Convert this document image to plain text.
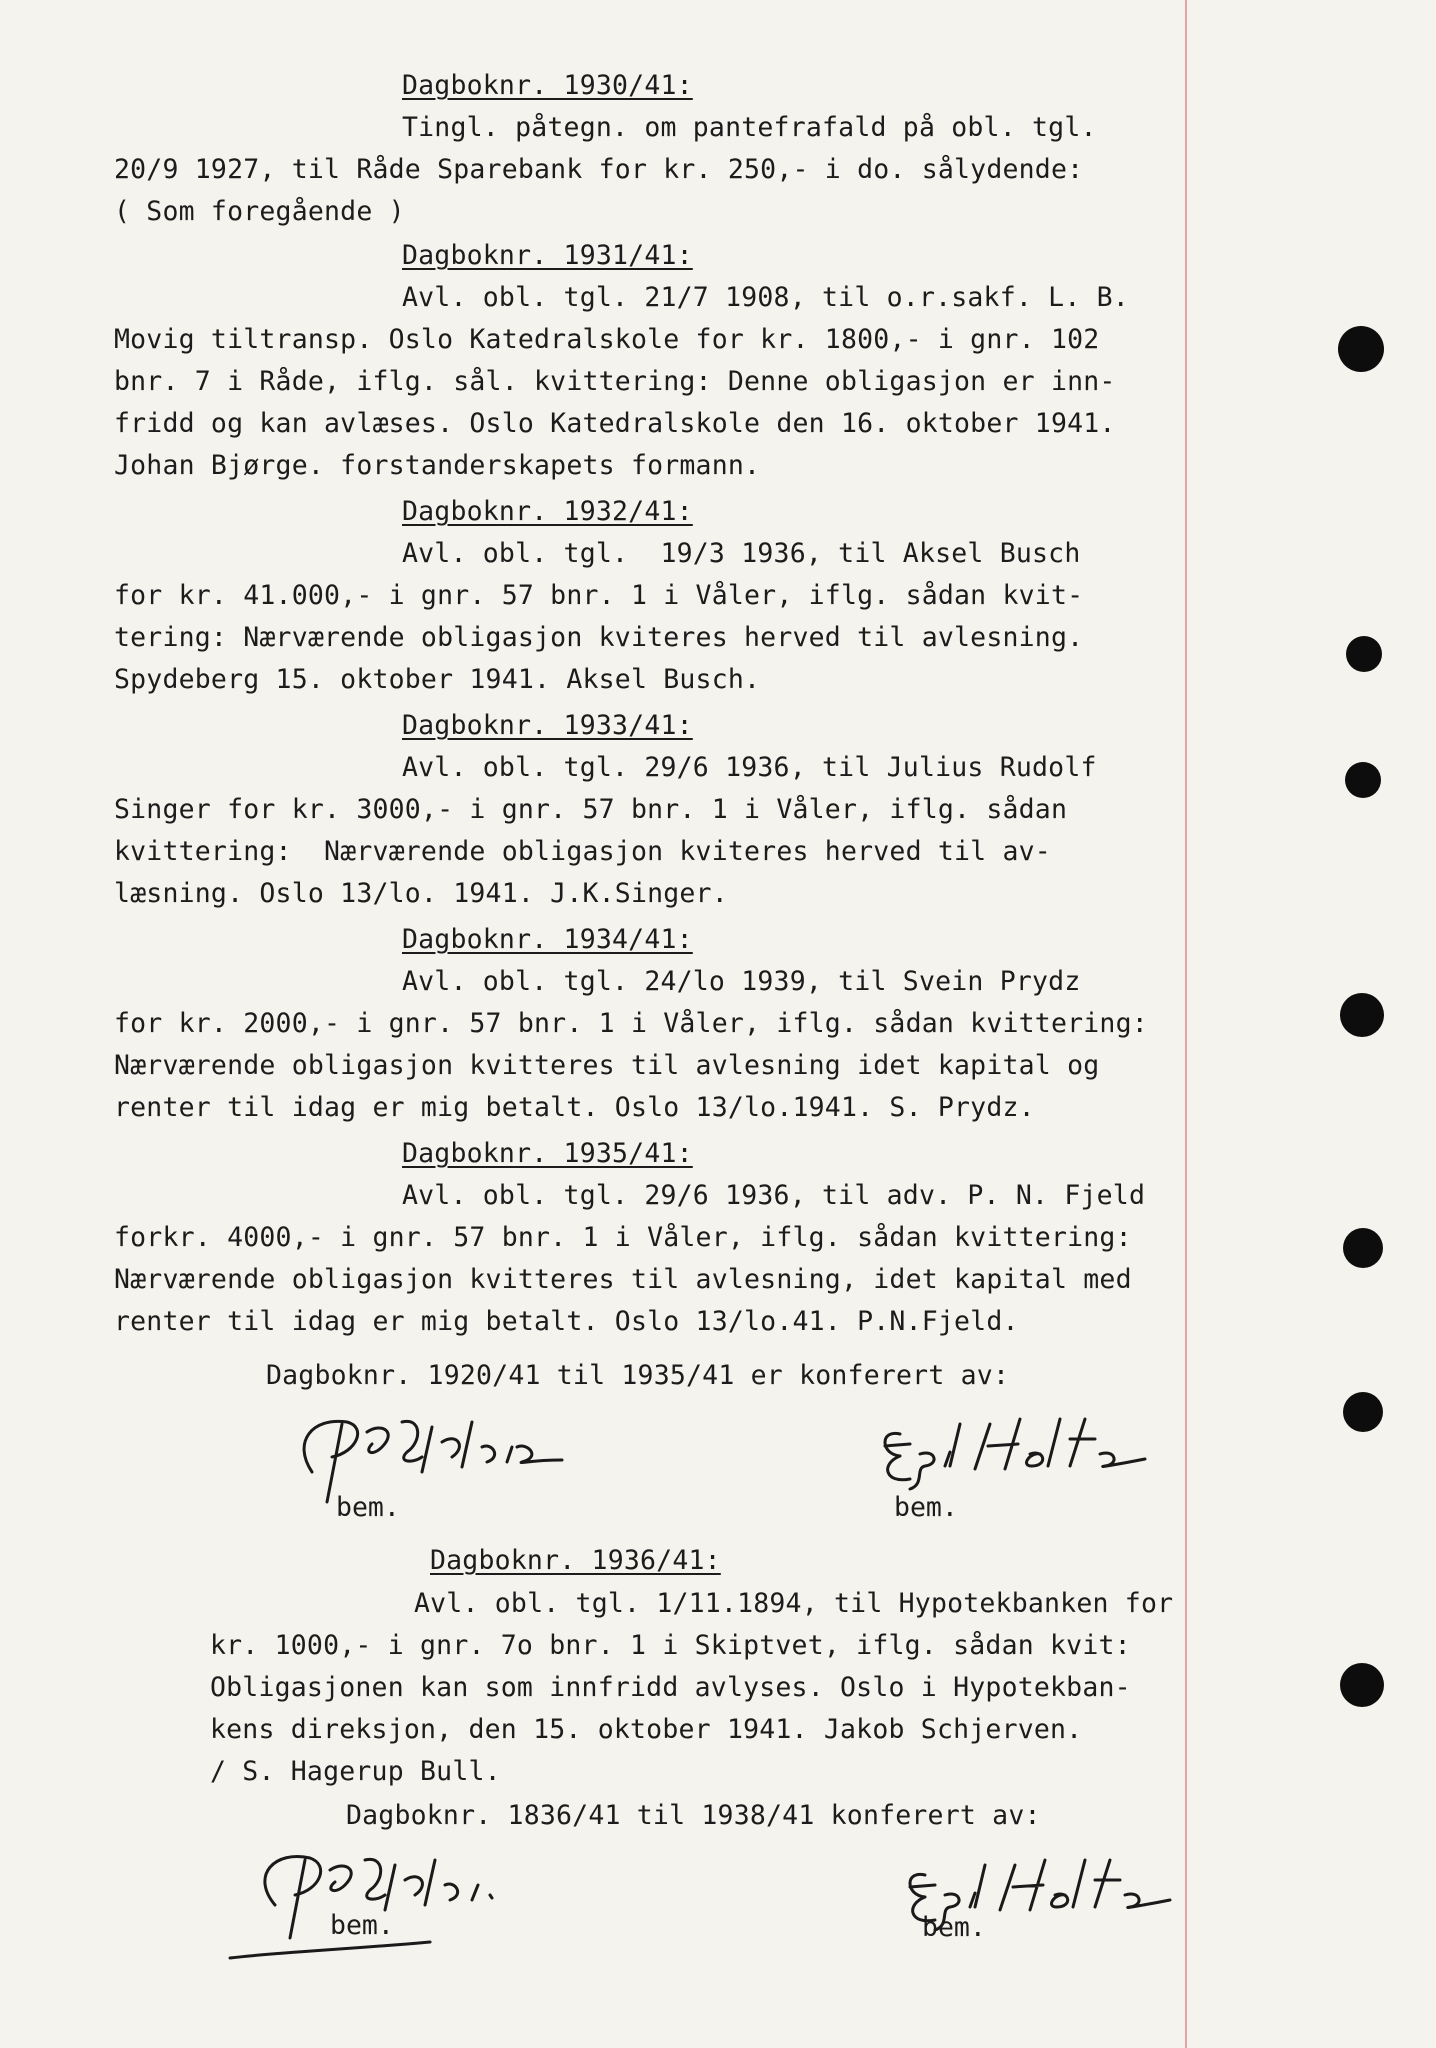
Dagboknr. 1930/41:
Tingl. påtegn. om pantefrafald på obl. tgl.
20/9 1927, til Råde Sparebank for kr. 250,- i do. sålydende:
( Som foregående )
Dagboknr. 1931/41:
Avl. obl. tgl. 21/7 1908, til o.r.sakf. L. B.
Movig tiltransp. Oslo Katedralskole for kr. 1800,- i gnr. 102
bnr. 7 i Råde, iflg. sål. kvittering: Denne obligasjon er inn-
fridd og kan avlæses. Oslo Katedralskole den 16. oktober 1941.
Johan Bjørge. forstanderskapets formann.
Dagboknr. 1932/41:
Avl. obl. tgl.  19/3 1936, til Aksel Busch
for kr. 41.000,- i gnr. 57 bnr. 1 i Våler, iflg. sådan kvit-
tering: Nærværende obligasjon kviteres herved til avlesning.
Spydeberg 15. oktober 1941. Aksel Busch.
Dagboknr. 1933/41:
Avl. obl. tgl. 29/6 1936, til Julius Rudolf
Singer for kr. 3000,- i gnr. 57 bnr. 1 i Våler, iflg. sådan
kvittering:  Nærværende obligasjon kviteres herved til av-
læsning. Oslo 13/lo. 1941. J.K.Singer.
Dagboknr. 1934/41:
Avl. obl. tgl. 24/lo 1939, til Svein Prydz
for kr. 2000,- i gnr. 57 bnr. 1 i Våler, iflg. sådan kvittering:
Nærværende obligasjon kvitteres til avlesning idet kapital og
renter til idag er mig betalt. Oslo 13/lo.1941. S. Prydz.
Dagboknr. 1935/41:
Avl. obl. tgl. 29/6 1936, til adv. P. N. Fjeld
forkr. 4000,- i gnr. 57 bnr. 1 i Våler, iflg. sådan kvittering:
Nærværende obligasjon kvitteres til avlesning, idet kapital med
renter til idag er mig betalt. Oslo 13/lo.41. P.N.Fjeld.
Dagboknr. 1920/41 til 1935/41 er konferert av:
bem.	bem.
Dagboknr. 1936/41:
Avl. obl. tgl. 1/11.1894, til Hypotekbanken for
kr. 1000,- i gnr. 7o bnr. 1 i Skiptvet, iflg. sådan kvit:
Obligasjonen kan som innfridd avlyses. Oslo i Hypotekban-
kens direksjon, den 15. oktober 1941. Jakob Schjerven.
/ S. Hagerup Bull.
Dagboknr. 1836/41 til 1938/41 konferert av:
bem.	bem.
